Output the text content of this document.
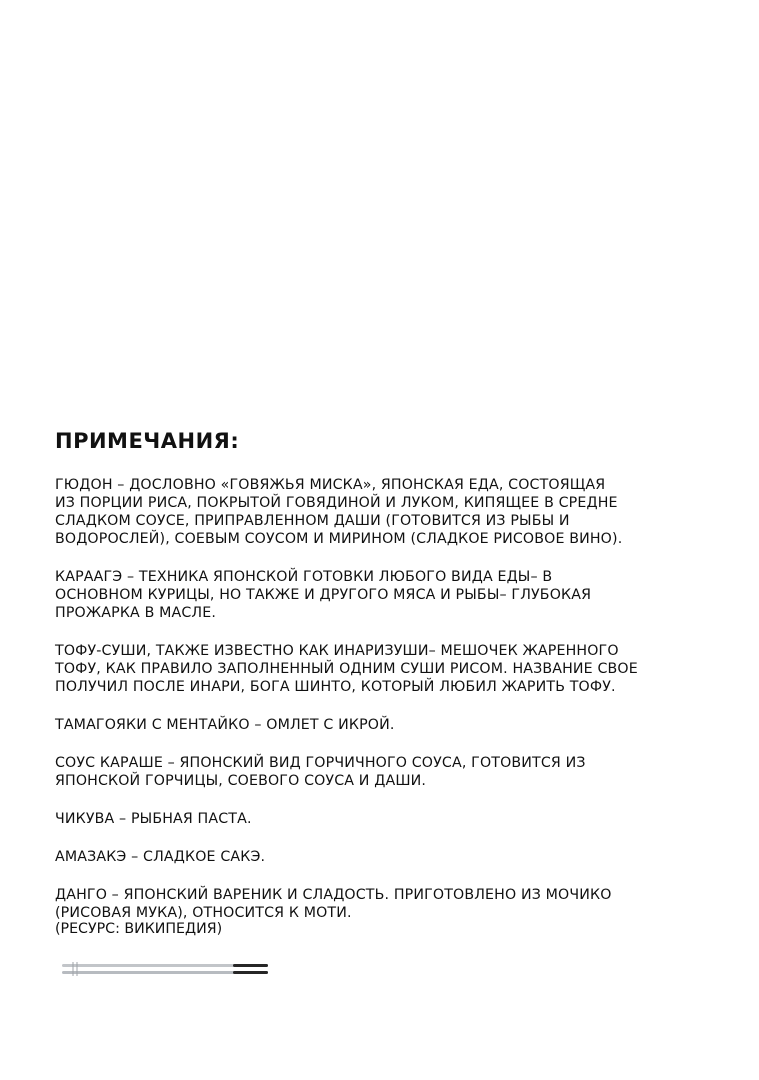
ПРИМЕЧАНИЯ:
ГЮДОН – ДОСЛОВНО «ГОВЯЖЬЯ МИСКА», ЯПОНСКАЯ ЕДА, СОСТОЯЩАЯ
ИЗ ПОРЦИИ РИСА, ПОКРЫТОЙ ГОВЯДИНОЙ И ЛУКОМ, КИПЯЩЕЕ В СРЕДНЕ
СЛАДКОМ СОУСЕ, ПРИПРАВЛЕННОМ ДАШИ (ГОТОВИТСЯ ИЗ РЫБЫ И
ВОДОРОСЛЕЙ), СОЕВЫМ СОУСОМ И МИРИНОМ (СЛАДКОЕ РИСОВОЕ ВИНО).
КАРААГЭ – ТЕХНИКА ЯПОНСКОЙ ГОТОВКИ ЛЮБОГО ВИДА ЕДЫ– В
ОСНОВНОМ КУРИЦЫ, НО ТАКЖЕ И ДРУГОГО МЯСА И РЫБЫ– ГЛУБОКАЯ
ПРОЖАРКА В МАСЛЕ.
ТОФУ-СУШИ, ТАКЖЕ ИЗВЕСТНО КАК ИНАРИЗУШИ– МЕШОЧЕК ЖАРЕННОГО
ТОФУ, КАК ПРАВИЛО ЗАПОЛНЕННЫЙ ОДНИМ СУШИ РИСОМ. НАЗВАНИЕ СВОЕ
ПОЛУЧИЛ ПОСЛЕ ИНАРИ, БОГА ШИНТО, КОТОРЫЙ ЛЮБИЛ ЖАРИТЬ ТОФУ.
ТАМАГОЯКИ С МЕНТАЙКО – ОМЛЕТ С ИКРОЙ.
СОУС КАРАШЕ – ЯПОНСКИЙ ВИД ГОРЧИЧНОГО СОУСА, ГОТОВИТСЯ ИЗ
ЯПОНСКОЙ ГОРЧИЦЫ, СОЕВОГО СОУСА И ДАШИ.
ЧИКУВА – РЫБНАЯ ПАСТА.
АМАЗАКЭ – СЛАДКОЕ САКЭ.
ДАНГО – ЯПОНСКИЙ ВАРЕНИК И СЛАДОСТЬ. ПРИГОТОВЛЕНО ИЗ МОЧИКО
(РИСОВАЯ МУКА), ОТНОСИТСЯ К МОТИ.
(РЕСУРС: ВИКИПЕДИЯ)
